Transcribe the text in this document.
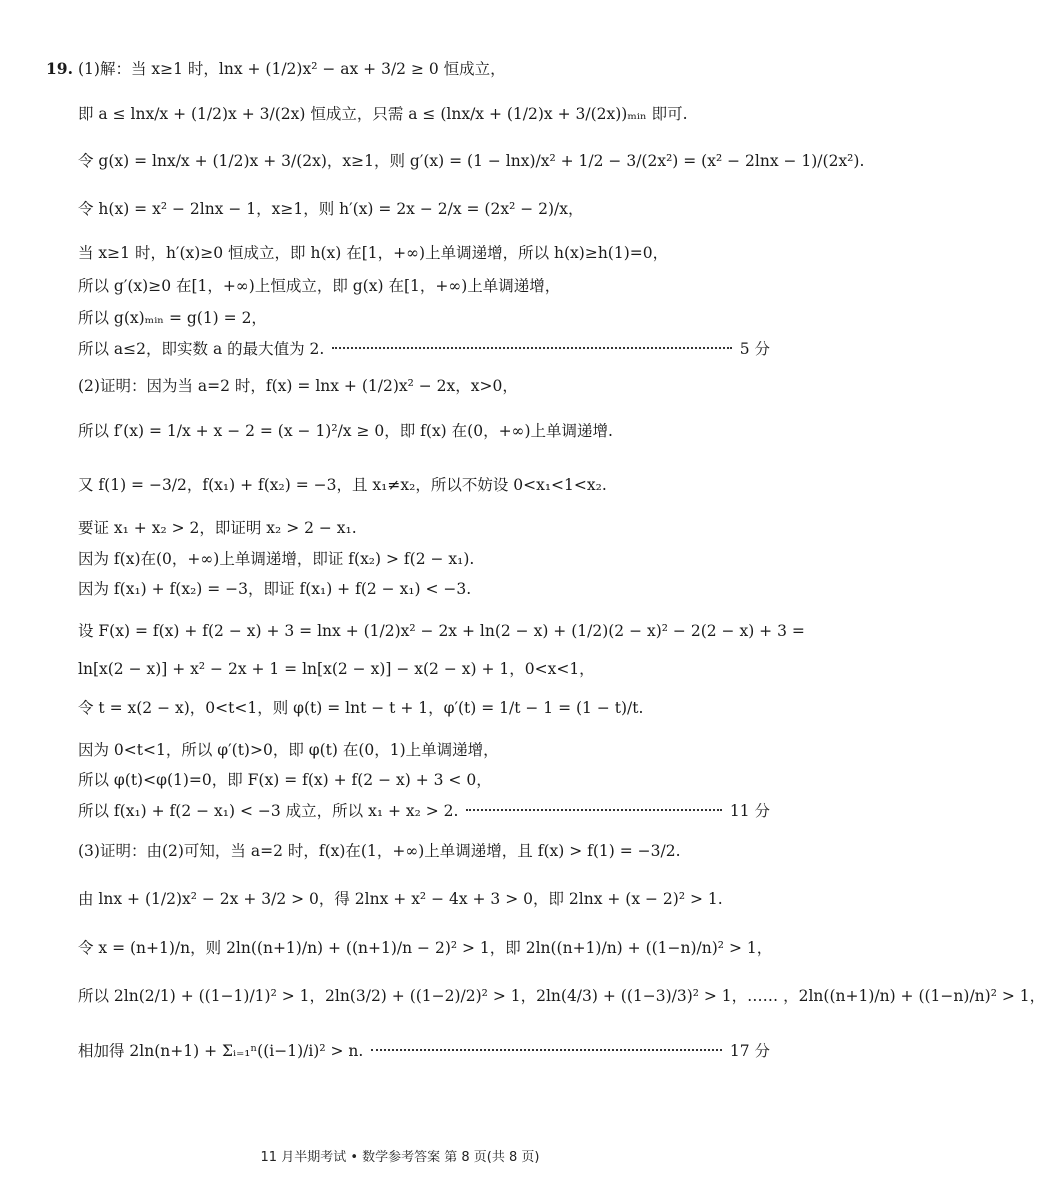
19. (1)解：当 x≥1 时，lnx + (1/2)x² − ax + 3/2 ≥ 0 恒成立，
即 a ≤ lnx/x + (1/2)x + 3/(2x) 恒成立，只需 a ≤ (lnx/x + (1/2)x + 3/(2x))ₘᵢₙ 即可.
令 g(x) = lnx/x + (1/2)x + 3/(2x)，x≥1，则 g′(x) = (1 − lnx)/x² + 1/2 − 3/(2x²) = (x² − 2lnx − 1)/(2x²).
令 h(x) = x² − 2lnx − 1，x≥1，则 h′(x) = 2x − 2/x = (2x² − 2)/x，
当 x≥1 时，h′(x)≥0 恒成立，即 h(x) 在[1，+∞)上单调递增，所以 h(x)≥h(1)=0，
所以 g′(x)≥0 在[1，+∞)上恒成立，即 g(x) 在[1，+∞)上单调递增，
所以 g(x)ₘᵢₙ = g(1) = 2，
所以 a≤2，即实数 a 的最大值为 2.	5 分
(2)证明：因为当 a=2 时，f(x) = lnx + (1/2)x² − 2x，x>0，
所以 f′(x) = 1/x + x − 2 = (x − 1)²/x ≥ 0，即 f(x) 在(0，+∞)上单调递增.
又 f(1) = −3/2，f(x₁) + f(x₂) = −3，且 x₁≠x₂，所以不妨设 0<x₁<1<x₂.
要证 x₁ + x₂ > 2，即证明 x₂ > 2 − x₁.
因为 f(x)在(0，+∞)上单调递增，即证 f(x₂) > f(2 − x₁).
因为 f(x₁) + f(x₂) = −3，即证 f(x₁) + f(2 − x₁) < −3.
设 F(x) = f(x) + f(2 − x) + 3 = lnx + (1/2)x² − 2x + ln(2 − x) + (1/2)(2 − x)² − 2(2 − x) + 3 =
ln[x(2 − x)] + x² − 2x + 1 = ln[x(2 − x)] − x(2 − x) + 1，0<x<1，
令 t = x(2 − x)，0<t<1，则 φ(t) = lnt − t + 1，φ′(t) = 1/t − 1 = (1 − t)/t.
因为 0<t<1，所以 φ′(t)>0，即 φ(t) 在(0，1)上单调递增，
所以 φ(t)<φ(1)=0，即 F(x) = f(x) + f(2 − x) + 3 < 0，
所以 f(x₁) + f(2 − x₁) < −3 成立，所以 x₁ + x₂ > 2.	11 分
(3)证明：由(2)可知，当 a=2 时，f(x)在(1，+∞)上单调递增，且 f(x) > f(1) = −3/2.
由 lnx + (1/2)x² − 2x + 3/2 > 0，得 2lnx + x² − 4x + 3 > 0，即 2lnx + (x − 2)² > 1.
令 x = (n+1)/n，则 2ln((n+1)/n) + ((n+1)/n − 2)² > 1，即 2ln((n+1)/n) + ((1−n)/n)² > 1，
所以 2ln(2/1) + ((1−1)/1)² > 1，2ln(3/2) + ((1−2)/2)² > 1，2ln(4/3) + ((1−3)/3)² > 1，…… ，2ln((n+1)/n) + ((1−n)/n)² > 1，
相加得 2ln(n+1) + Σᵢ₌₁ⁿ((i−1)/i)² > n.	17 分
11 月半期考试 • 数学参考答案 第 8 页(共 8 页)
